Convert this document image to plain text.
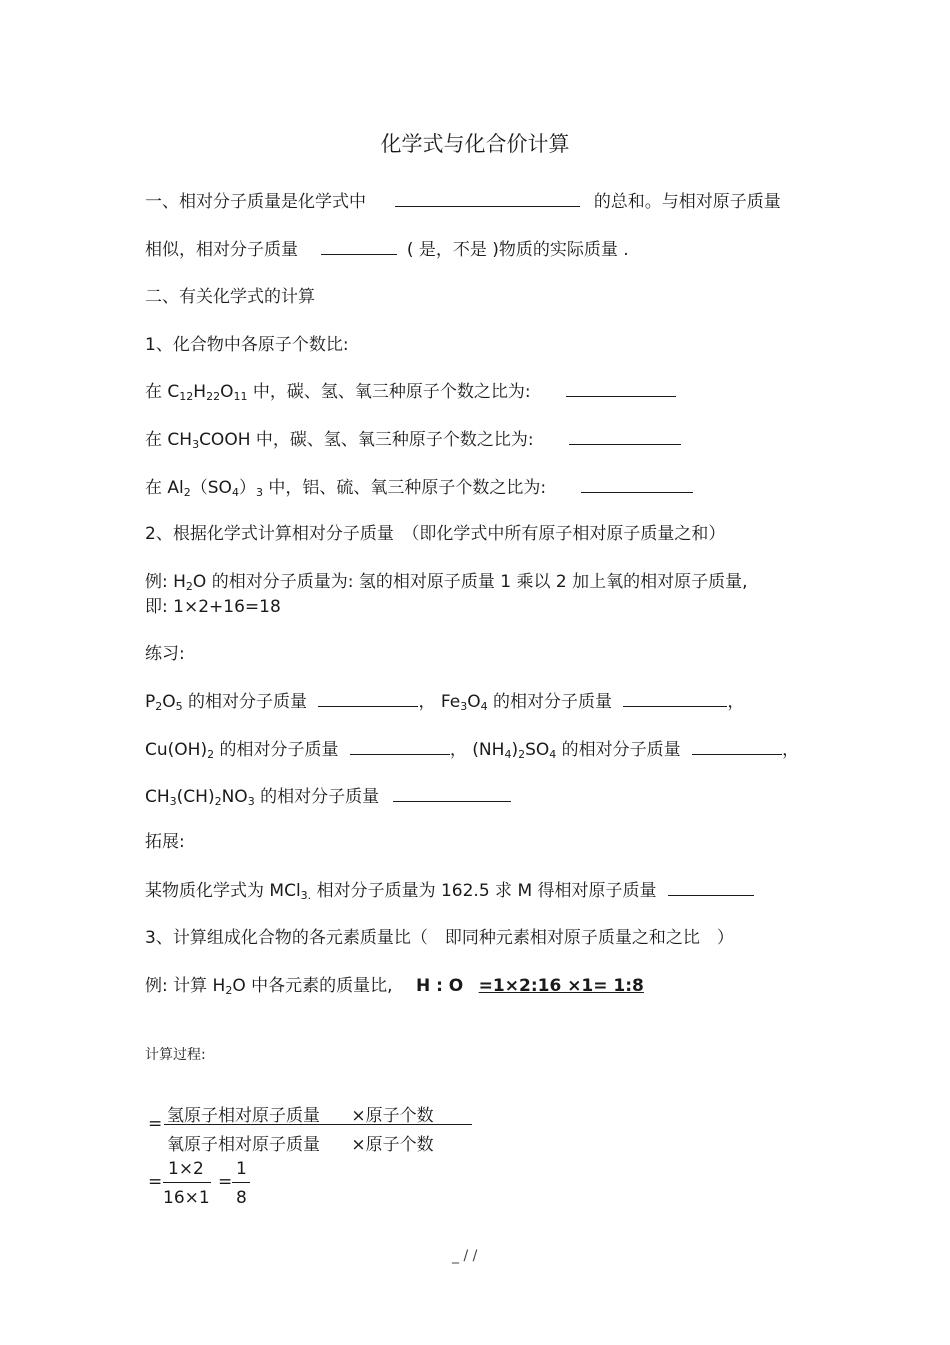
化学式与化合价计算
一、相对分子质量是化学式中	的总和。与相对原子质量
相似，相对分子质量	( 是，不是 )物质的实际质量 .
二、有关化学式的计算
1、化合物中各原子个数比:
在 $C_{12}H_{22}O_{11}$ 中，碳、氢、氧三种原子个数之比为:
在 $CH_3COOH$ 中，碳、氢、氧三种原子个数之比为:
在 $Al_2(SO_4)_3$ 中，铝、硫、氧三种原子个数之比为:
2、根据化学式计算相对分子质量　（即化学式中所有原子相对原子质量之和）
例: $H_2O$ 的相对分子质量为: 氢的相对原子质量 1 乘以 2 加上氧的相对原子质量,
即: 1×2+16=18
练习:
$P_2O_5$ 的相对分子质量	， $Fe_3O_4$ 的相对分子质量	，
$Cu(OH)_2$ 的相对分子质量	， $(NH_4)_2SO_4$ 的相对分子质量	，
$CH_3(CH)_2NO_3$ 的相对分子质量
拓展:
某物质化学式为 MCl$_{3.}$ 相对分子质量为 162.5 求 M 得相对原子质量
3、计算组成化合物的各元素质量比（　即同种元素相对原子质量之和之比　）
例: 计算 $H_2O$ 中各元素的质量比, H : O =1×2:16 ×1= 1:8
计算过程:
= 氢原子相对原子质量 ×原子个数
氧原子相对原子质量 ×原子个数
=
1×2
16×1
=
1
8
_ / /
